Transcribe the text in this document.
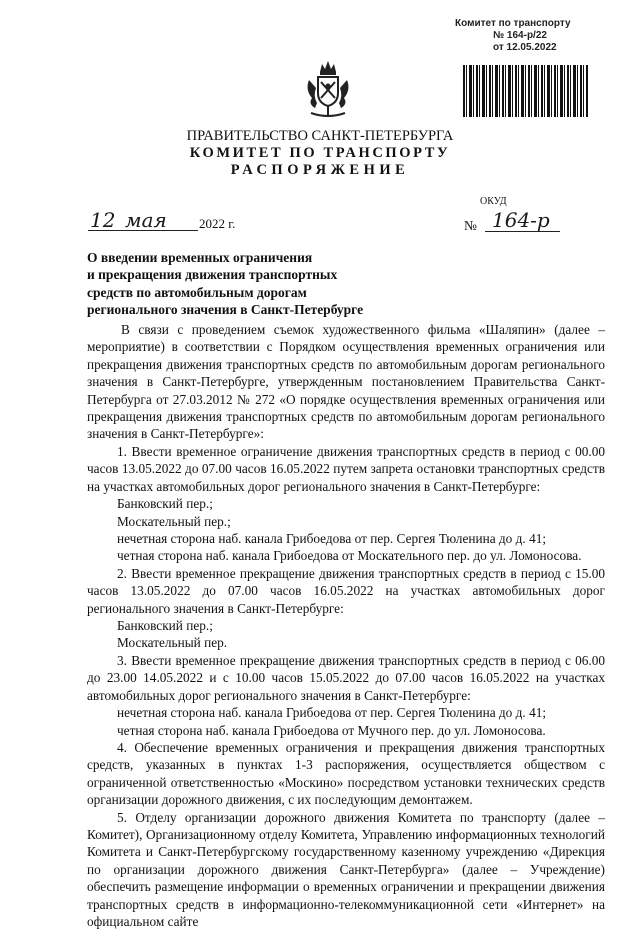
Комитет по транспорту
№ 164-р/22
от 12.05.2022
ПРАВИТЕЛЬСТВО САНКТ-ПЕТЕРБУРГА
КОМИТЕТ ПО ТРАНСПОРТУ
РАСПОРЯЖЕНИЕ
ОКУД
12 мая 2022 г.	№ 164-р
О введении временных ограничения
и прекращения движения транспортных
средств по автомобильным дорогам
регионального значения в Санкт-Петербурге

В связи с проведением съемок художественного фильма «Шаляпин» (далее – мероприятие) в соответствии с Порядком осуществления временных ограничения или прекращения движения транспортных средств по автомобильным дорогам регионального значения в Санкт-Петербурге, утвержденным постановлением Правительства Санкт-Петербурга от 27.03.2012 № 272 «О порядке осуществления временных ограничения или прекращения движения транспортных средств по автомобильным дорогам регионального значения в Санкт-Петербурге»:

1. Ввести временное ограничение движения транспортных средств в период с 00.00 часов 13.05.2022 до 07.00 часов 16.05.2022 путем запрета остановки транспортных средств на участках автомобильных дорог регионального значения в Санкт-Петербурге:

Банковский пер.;

Москательный пер.;

нечетная сторона наб. канала Грибоедова от пер. Сергея Тюленина до д. 41;

четная сторона наб. канала Грибоедова от Москательного пер. до ул. Ломоносова.

2. Ввести временное прекращение движения транспортных средств в период с 15.00 часов 13.05.2022 до 07.00 часов 16.05.2022 на участках автомобильных дорог регионального значения в Санкт-Петербурге:

Банковский пер.;

Москательный пер.

3. Ввести временное прекращение движения транспортных средств в период с 06.00 до 23.00 14.05.2022 и с 10.00 часов 15.05.2022 до 07.00 часов 16.05.2022 на участках автомобильных дорог регионального значения в Санкт-Петербурге:

нечетная сторона наб. канала Грибоедова от пер. Сергея Тюленина до д. 41;

четная сторона наб. канала Грибоедова от Мучного пер. до ул. Ломоносова.

4. Обеспечение временных ограничения и прекращения движения транспортных средств, указанных в пунктах 1-3 распоряжения, осуществляется обществом с ограниченной ответственностью «Москино» посредством установки технических средств организации дорожного движения, с их последующим демонтажем.

5. Отделу организации дорожного движения Комитета по транспорту (далее – Комитет), Организационному отделу Комитета, Управлению информационных технологий Комитета и Санкт-Петербургскому государственному казенному учреждению «Дирекция по организации дорожного движения Санкт-Петербурга» (далее – Учреждение) обеспечить размещение информации о временных ограничении и прекращении движения транспортных средств в информационно-телекоммуникационной сети «Интернет» на официальном сайте
